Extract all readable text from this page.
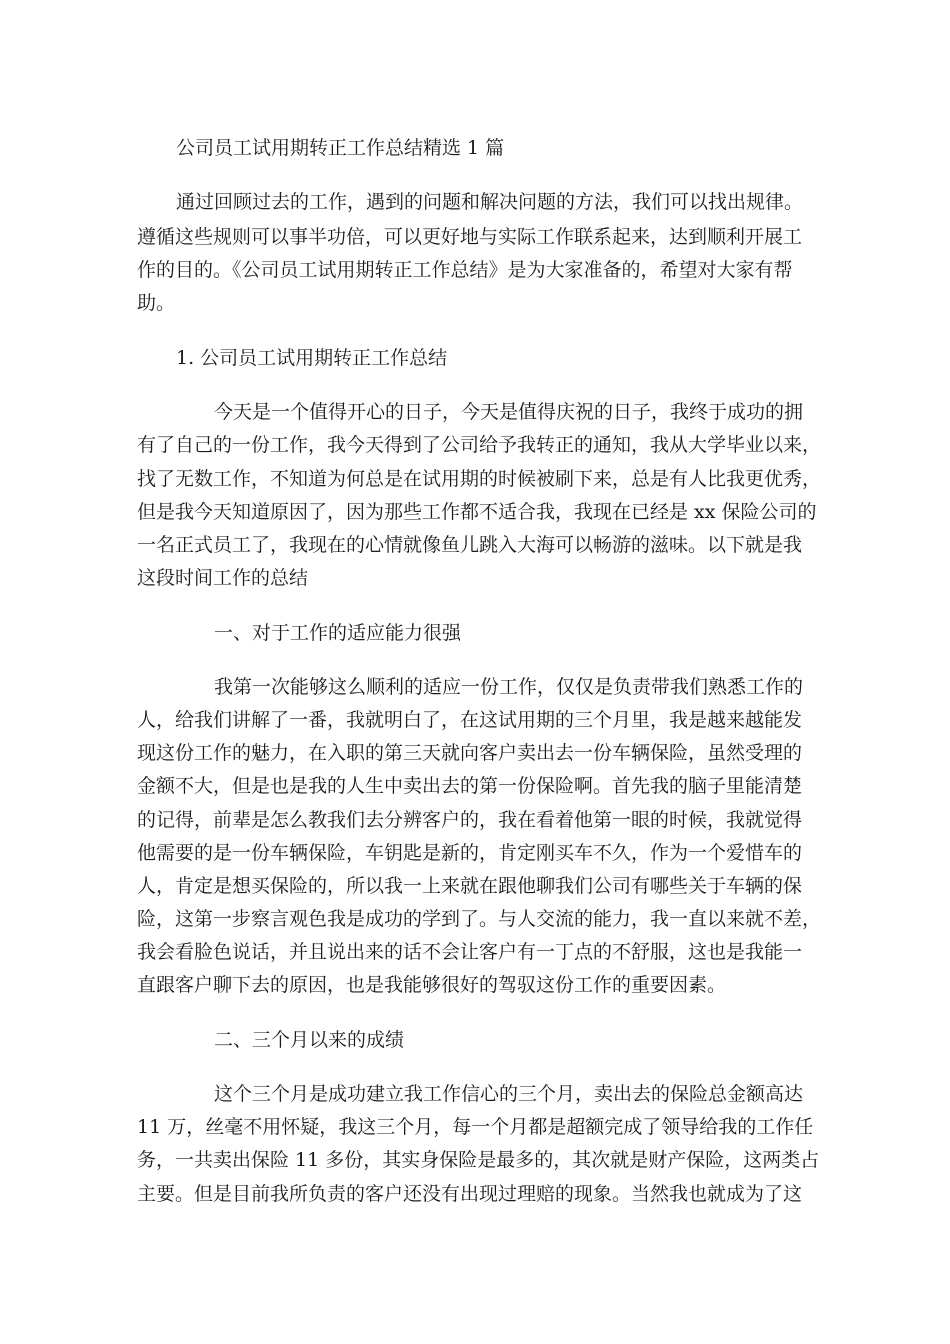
公司员工试用期转正工作总结精选 1 篇

通过回顾过去的工作，遇到的问题和解决问题的方法，我们可以找出规律。

遵循这些规则可以事半功倍，可以更好地与实际工作联系起来，达到顺利开展工

作的目的。《公司员工试用期转正工作总结》是为大家准备的，希望对大家有帮

助。

1. 公司员工试用期转正工作总结

今天是一个值得开心的日子，今天是值得庆祝的日子，我终于成功的拥

有了自己的一份工作，我今天得到了公司给予我转正的通知，我从大学毕业以来，

找了无数工作，不知道为何总是在试用期的时候被刷下来，总是有人比我更优秀，

但是我今天知道原因了，因为那些工作都不适合我，我现在已经是 xx 保险公司的

一名正式员工了，我现在的心情就像鱼儿跳入大海可以畅游的滋味。以下就是我

这段时间工作的总结

一、对于工作的适应能力很强

我第一次能够这么顺利的适应一份工作，仅仅是负责带我们熟悉工作的

人，给我们讲解了一番，我就明白了，在这试用期的三个月里，我是越来越能发

现这份工作的魅力，在入职的第三天就向客户卖出去一份车辆保险，虽然受理的

金额不大，但是也是我的人生中卖出去的第一份保险啊。首先我的脑子里能清楚

的记得，前辈是怎么教我们去分辨客户的，我在看着他第一眼的时候，我就觉得

他需要的是一份车辆保险，车钥匙是新的，肯定刚买车不久，作为一个爱惜车的

人，肯定是想买保险的，所以我一上来就在跟他聊我们公司有哪些关于车辆的保

险，这第一步察言观色我是成功的学到了。与人交流的能力，我一直以来就不差，

我会看脸色说话，并且说出来的话不会让客户有一丁点的不舒服，这也是我能一

直跟客户聊下去的原因，也是我能够很好的驾驭这份工作的重要因素。

二、三个月以来的成绩

这个三个月是成功建立我工作信心的三个月，卖出去的保险总金额高达

11 万，丝毫不用怀疑，我这三个月，每一个月都是超额完成了领导给我的工作任

务，一共卖出保险 11 多份，其实身保险是最多的，其次就是财产保险，这两类占

主要。但是目前我所负责的客户还没有出现过理赔的现象。当然我也就成为了这
